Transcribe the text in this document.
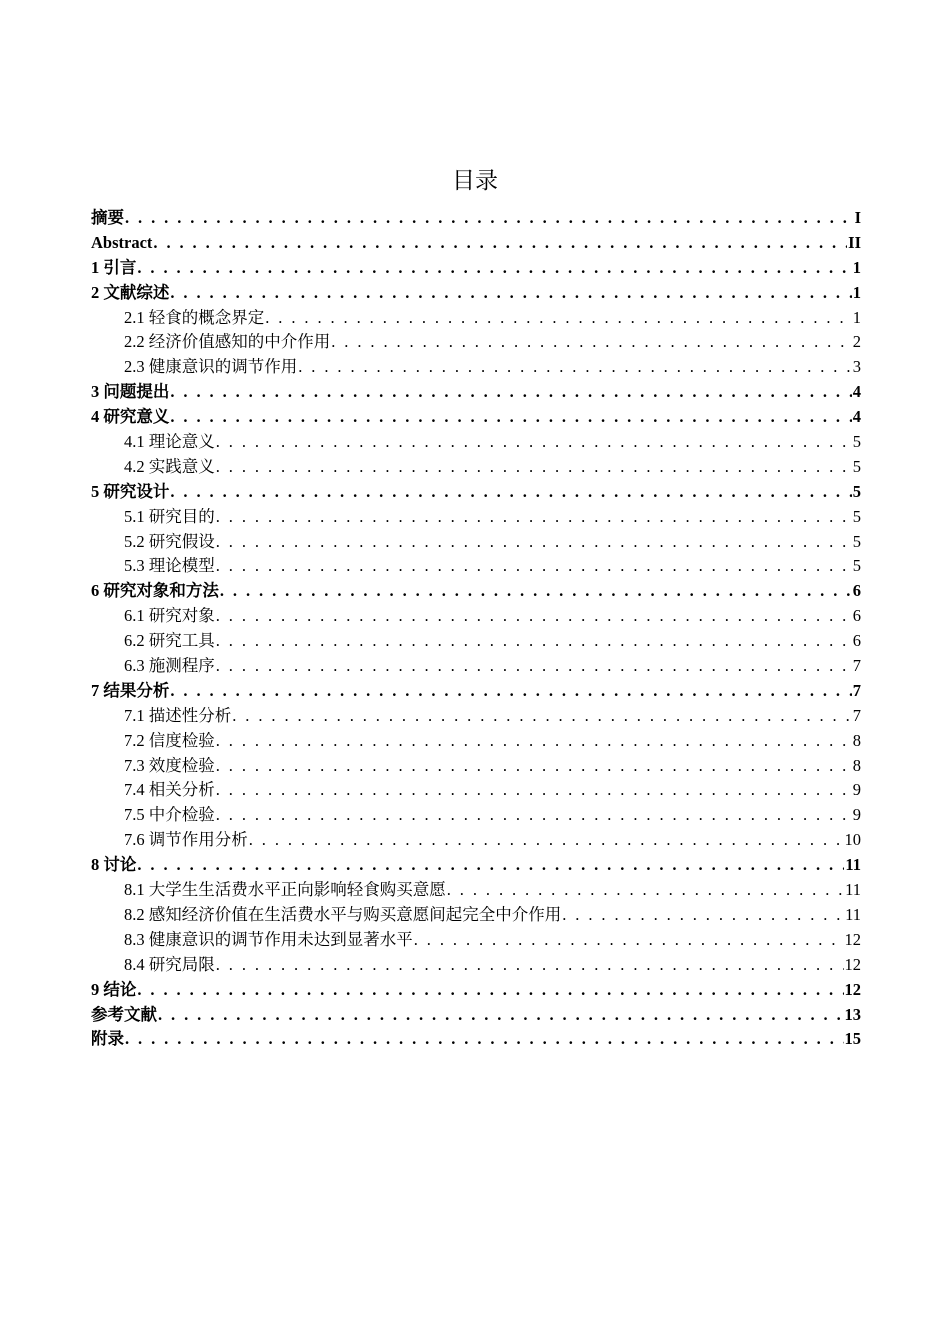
目录
摘要 . . .	I
Abstract . . .	II
1 引言 . . .	1
2 文献综述 . . .	1
2.1 轻食的概念界定 . . .	1
2.2 经济价值感知的中介作用 . . .	2
2.3 健康意识的调节作用 . . .	3
3 问题提出 . . .	4
4 研究意义 . . .	4
4.1 理论意义 . . .	5
4.2 实践意义 . . .	5
5 研究设计 . . .	5
5.1 研究目的 . . .	5
5.2 研究假设 . . .	5
5.3 理论模型 . . .	5
6 研究对象和方法 . . .	6
6.1 研究对象 . . .	6
6.2 研究工具 . . .	6
6.3 施测程序 . . .	7
7 结果分析 . . .	7
7.1 描述性分析 . . .	7
7.2 信度检验 . . .	8
7.3 效度检验 . . .	8
7.4 相关分析 . . .	9
7.5 中介检验 . . .	9
7.6 调节作用分析 . . .	10
8 讨论 . . .	11
8.1 大学生生活费水平正向影响轻食购买意愿 . . .	11
8.2 感知经济价值在生活费水平与购买意愿间起完全中介作用 . . .	11
8.3 健康意识的调节作用未达到显著水平 . . .	12
8.4 研究局限 . . .	12
9 结论 . . .	12
参考文献 . . .	13
附录 . . .	15
